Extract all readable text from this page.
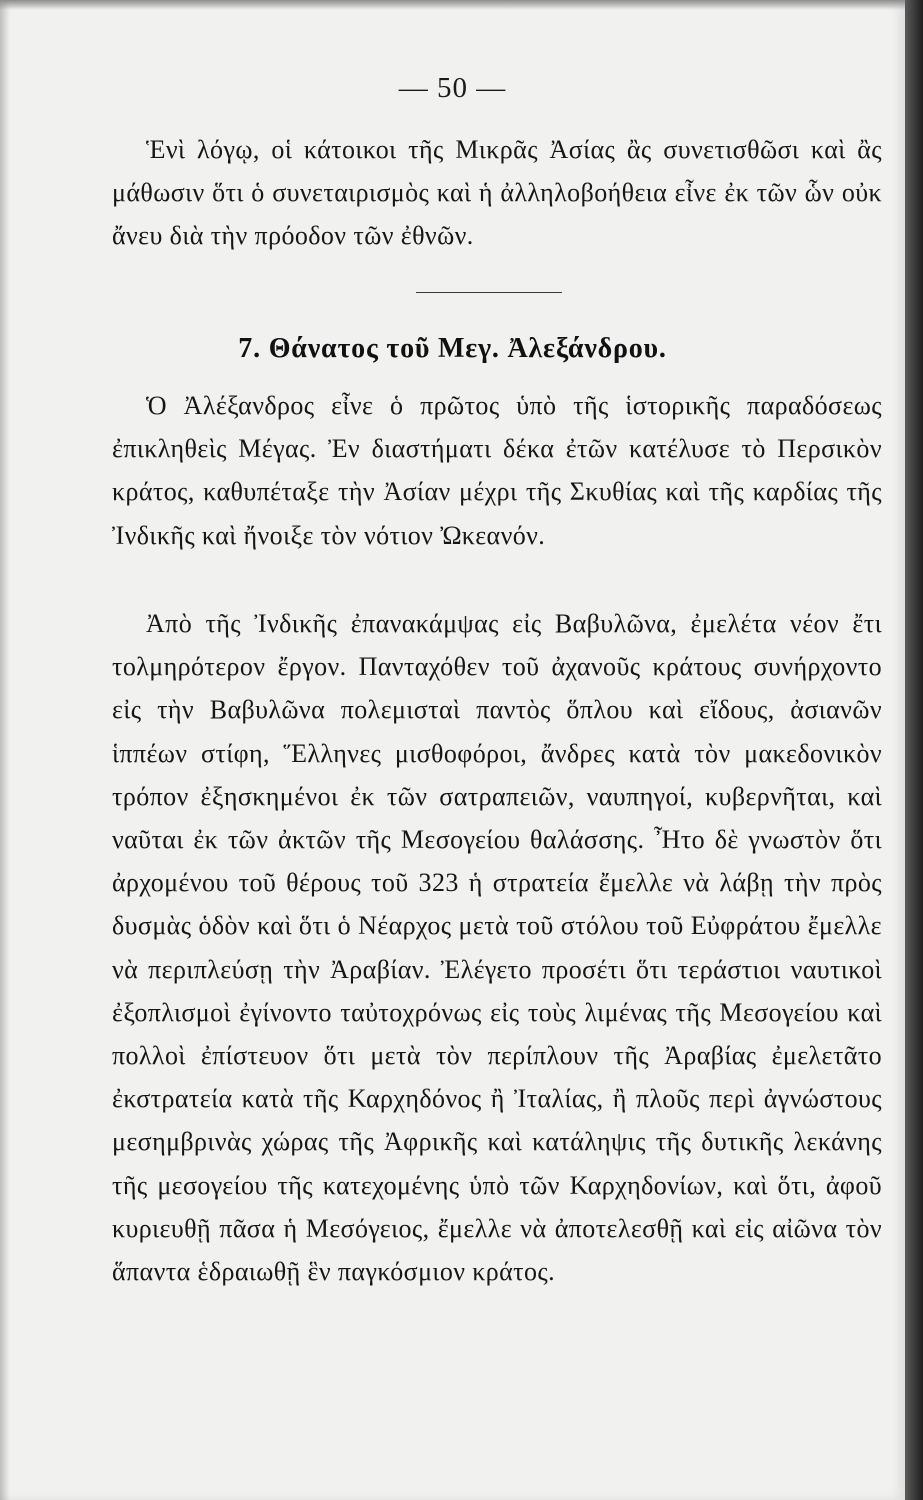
— 50 —

Ἑνὶ λόγῳ, οἱ κάτοικοι τῆς Μικρᾶς Ἀσίας ἂς συνετισθῶσι καὶ ἂς μάθωσιν ὅτι ὁ συνεταιρισμὸς καὶ ἡ ἀλληλοβοήθεια εἶνε ἐκ τῶν ὧν οὐκ ἄνευ διὰ τὴν πρόοδον τῶν ἐθνῶν.

7. Θάνατος τοῦ Μεγ. Ἀλεξάνδρου.

Ὁ Ἀλέξανδρος εἶνε ὁ πρῶτος ὑπὸ τῆς ἱστορικῆς παραδόσεως ἐπικληθεὶς Μέγας. Ἐν διαστήματι δέκα ἐτῶν κατέλυσε τὸ Περσικὸν κράτος, καθυπέταξε τὴν Ἀσίαν μέχρι τῆς Σκυθίας καὶ τῆς καρδίας τῆς Ἰνδικῆς καὶ ἤνοιξε τὸν νότιον Ὠκεανόν.

Ἀπὸ τῆς Ἰνδικῆς ἐπανακάμψας εἰς Βαβυλῶνα, ἐμελέτα νέον ἔτι τολμηρότερον ἔργον. Πανταχόθεν τοῦ ἀχανοῦς κράτους συνήρχοντο εἰς τὴν Βαβυλῶνα πολεμισταὶ παντὸς ὅπλου καὶ εἴδους, ἀσιανῶν ἱππέων στίφη, Ἕλληνες μισθοφόροι, ἄνδρες κατὰ τὸν μακεδονικὸν τρόπον ἐξησκημένοι ἐκ τῶν σατραπειῶν, ναυπηγοί, κυβερνῆται, καὶ ναῦται ἐκ τῶν ἀκτῶν τῆς Μεσογείου θαλάσσης. Ἦτο δὲ γνωστὸν ὅτι ἀρχομένου τοῦ θέρους τοῦ 323 ἡ στρατεία ἔμελλε νὰ λάβῃ τὴν πρὸς δυσμὰς ὁδὸν καὶ ὅτι ὁ Νέαρχος μετὰ τοῦ στόλου τοῦ Εὐφράτου ἔμελλε νὰ περιπλεύσῃ τὴν Ἀραβίαν. Ἐλέγετο προσέτι ὅτι τεράστιοι ναυτικοὶ ἐξοπλισμοὶ ἐγίνοντο ταὐτοχρόνως εἰς τοὺς λιμένας τῆς Μεσογείου καὶ πολλοὶ ἐπίστευον ὅτι μετὰ τὸν περίπλουν τῆς Ἀραβίας ἐμελετᾶτο ἐκστρατεία κατὰ τῆς Καρχηδόνος ἢ Ἰταλίας, ἢ πλοῦς περὶ ἀγνώστους μεσημβρινὰς χώρας τῆς Ἀφρικῆς καὶ κατάληψις τῆς δυτικῆς λεκάνης τῆς μεσογείου τῆς κατεχομένης ὑπὸ τῶν Καρχηδονίων, καὶ ὅτι, ἀφοῦ κυριευθῇ πᾶσα ἡ Μεσόγειος, ἔμελλε νὰ ἀποτελεσθῇ καὶ εἰς αἰῶνα τὸν ἅπαντα ἑδραιωθῇ ἓν παγκόσμιον κράτος.
